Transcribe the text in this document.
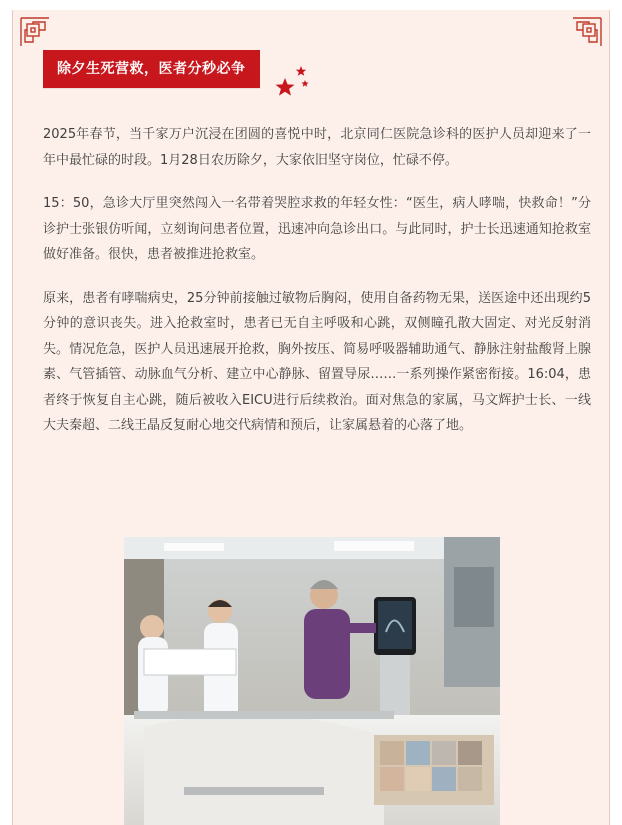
除夕生死营救，医者分秒必争

2025年春节，当千家万户沉浸在团圆的喜悦中时，北京同仁医院急诊科的医护人员却迎来了一年中最忙碌的时段。1月28日农历除夕，大家依旧坚守岗位，忙碌不停。

15：50，急诊大厅里突然闯入一名带着哭腔求救的年轻女性：“医生，病人哮喘，快救命！”分诊护士张银仿听闻，立刻询问患者位置，迅速冲向急诊出口。与此同时，护士长迅速通知抢救室做好准备。很快，患者被推进抢救室。

原来，患者有哮喘病史，25分钟前接触过敏物后胸闷，使用自备药物无果，送医途中还出现约5分钟的意识丧失。进入抢救室时，患者已无自主呼吸和心跳，双侧瞳孔散大固定、对光反射消失。情况危急，医护人员迅速展开抢救，胸外按压、简易呼吸器辅助通气、静脉注射盐酸肾上腺素、气管插管、动脉血气分析、建立中心静脉、留置导尿……一系列操作紧密衔接。16:04，患者终于恢复自主心跳，随后被收入EICU进行后续救治。面对焦急的家属，马文辉护士长、一线大夫秦超、二线王晶反复耐心地交代病情和预后，让家属悬着的心落了地。
